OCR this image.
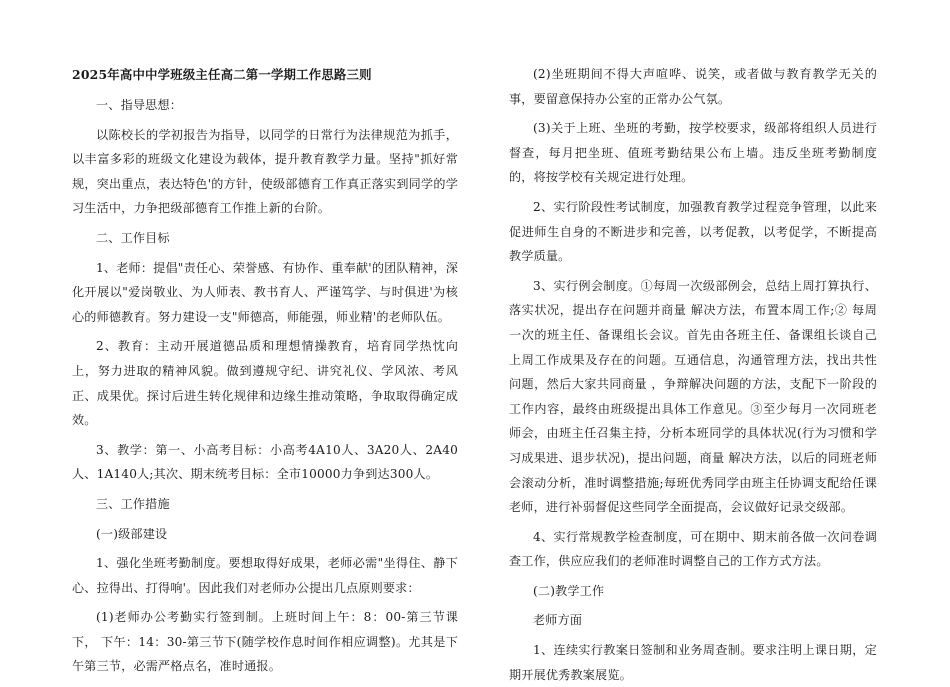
2025年高中中学班级主任高二第一学期工作思路三则

一、指导思想：

以陈校长的学初报告为指导，以同学的日常行为法律规范为抓手，以丰富多彩的班级文化建设为载体，提升教育教学力量。坚持"抓好常规，突出重点，表达特色'的方针，使级部德育工作真正落实到同学的学习生活中，力争把级部德育工作推上新的台阶。

二、工作目标

1、老师：提倡"责任心、荣誉感、有协作、重奉献'的团队精神，深化开展以"爱岗敬业、为人师表、教书育人、严谨笃学、与时俱进'为核心的师德教育。努力建设一支"师德高，师能强，师业精'的老师队伍。

2、教育：主动开展道德品质和理想情操教育，培育同学热忱向上，努力进取的精神风貌。做到遵规守纪、讲究礼仪、学风浓、考风正、成果优。探讨后进生转化规律和边缘生推动策略，争取取得确定成效。

3、教学：第一、小高考目标：小高考4A10人、3A20人、2A40人、1A140人;其次、期末统考目标：全市10000力争到达300人。

三、工作措施

(一)级部建设

1、强化坐班考勤制度。要想取得好成果，老师必需"坐得住、静下心、拉得出、打得响'。因此我们对老师办公提出几点原则要求：

(1)老师办公考勤实行签到制。上班时间上午：8：00-第三节课下， 下午：14：30-第三节下(随学校作息时间作相应调整)。尤其是下午第三节，必需严格点名，准时通报。

(2)坐班期间不得大声喧哗、说笑，或者做与教育教学无关的事，要留意保持办公室的正常办公气氛。

(3)关于上班、坐班的考勤，按学校要求，级部将组织人员进行督查，每月把坐班、值班考勤结果公布上墙。违反坐班考勤制度的，将按学校有关规定进行处理。

2、实行阶段性考试制度，加强教育教学过程竞争管理，以此来促进师生自身的不断进步和完善，以考促教，以考促学，不断提高教学质量。

3、实行例会制度。①每周一次级部例会，总结上周打算执行、落实状况，提出存在问题并商量 解决方法，布置本周工作;② 每周一次的班主任、备课组长会议。首先由各班主任、备课组长谈自己上周工作成果及存在的问题。互通信息，沟通管理方法，找出共性问题，然后大家共同商量 ，争辩解决问题的方法，支配下一阶段的工作内容，最终由班级提出具体工作意见。③至少每月一次同班老师会，由班主任召集主持，分析本班同学的具体状况(行为习惯和学习成果进、退步状况)，提出问题，商量 解决方法，以后的同班老师会滚动分析，准时调整措施;每班优秀同学由班主任协调支配给任课老师，进行补弱督促这些同学全面提高，会议做好记录交级部。

4、实行常规教学检查制度，可在期中、期末前各做一次问卷调查工作，供应应我们的老师准时调整自己的工作方式方法。

(二)教学工作

老师方面

1、连续实行教案日签制和业务周查制。要求注明上课日期，定期开展优秀教案展览。
